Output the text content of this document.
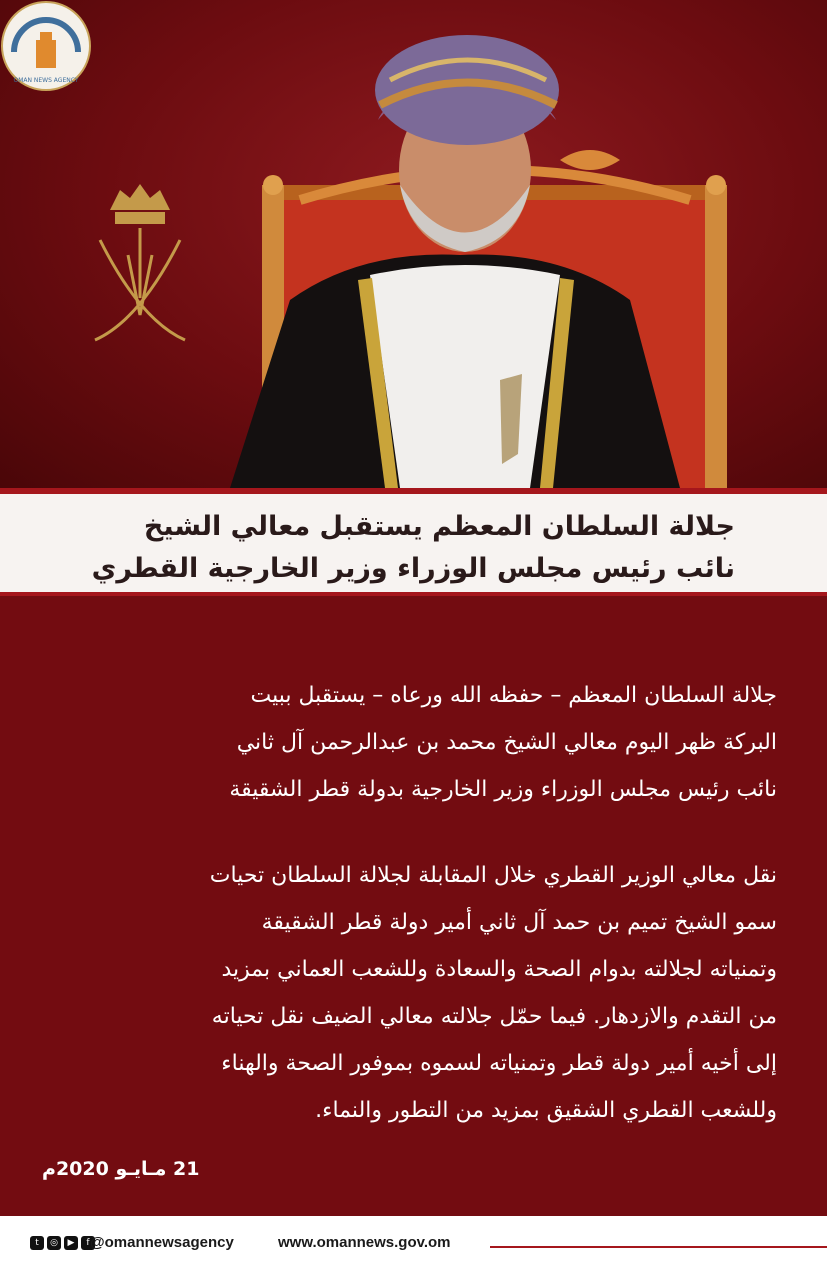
OMAN NEWS AGENCY
جلالة السلطان المعظم يستقبل معالي الشيخ
نائب رئيس مجلس الوزراء وزير الخارجية القطري
جلالة السلطان المعظم – حفظه الله ورعاه – يستقبل ببيت
البركة ظهر اليوم معالي الشيخ محمد بن عبدالرحمن آل ثاني
نائب رئيس مجلس الوزراء وزير الخارجية بدولة قطر الشقيقة
نقل معالي الوزير القطري خلال المقابلة لجلالة السلطان تحيات
سمو الشيخ تميم بن حمد آل ثاني أمير دولة قطر الشقيقة
وتمنياته لجلالته بدوام الصحة والسعادة وللشعب العماني بمزيد
من التقدم والازدهار. فيما حمّل جلالته معالي الضيف نقل تحياته
إلى أخيه أمير دولة قطر وتمنياته لسموه بموفور الصحة والهناء
وللشعب القطري الشقيق بمزيد من التطور والنماء.
21 مـايـو 2020م
t	◎	▶	f @omannewsagency	www.omannews.gov.om
